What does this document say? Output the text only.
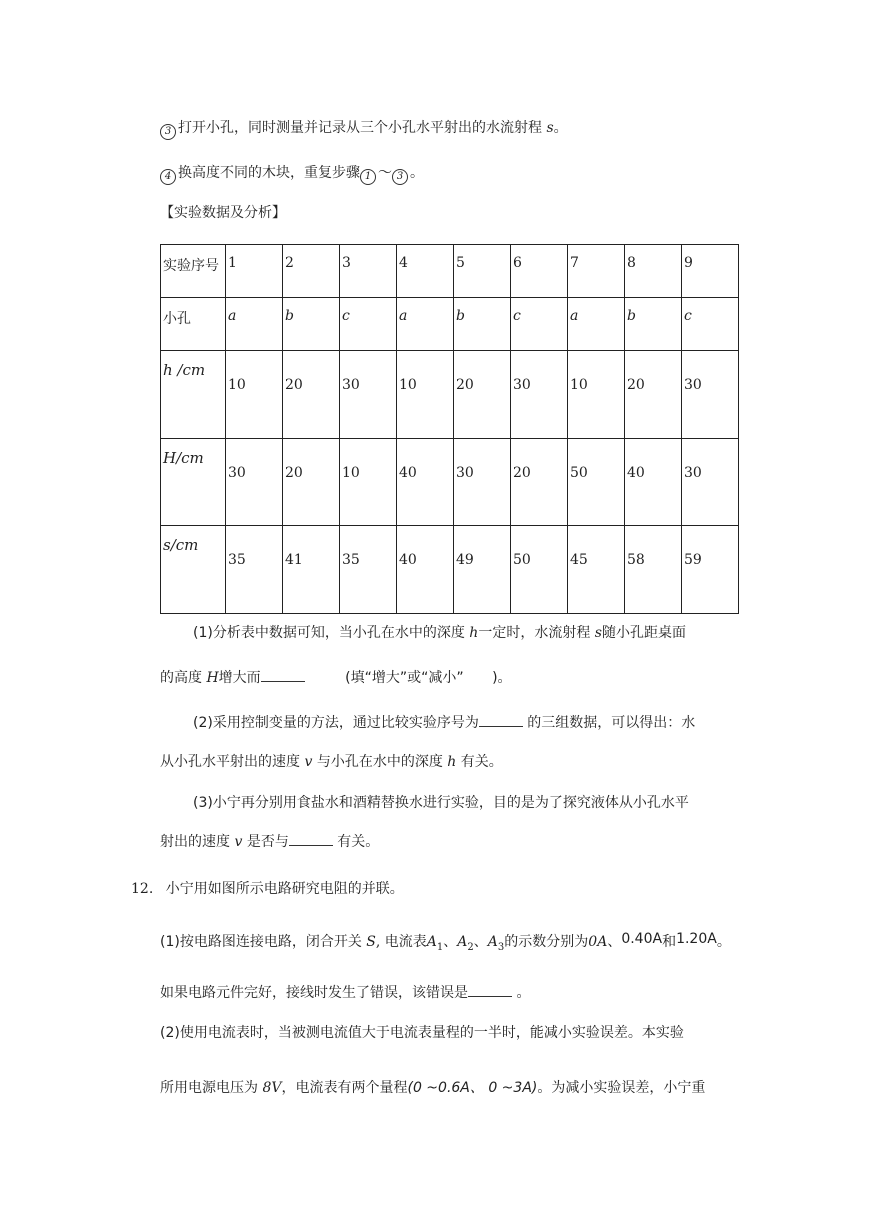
3 打开小孔，同时测量并记录从三个小孔水平射出的水流射程 s。
4 换高度不同的木块，重复步骤 1 ～ 3 。
【实验数据及分析】
实验序号	1	2	3	4	5	6	7	8	9
小孔	a	b	c	a	b	c	a	b	c
h /cm	10	20	30	10	20	30	10	20	30
H/cm	30	20	10	40	30	20	50	40	30
s/cm	35	41	35	40	49	50	45	58	59
(1)分析表中数据可知，当小孔在水中的深度 h一定时，水流射程 s随小孔距桌面
的高度 H增大而	(填“增大”或“减小” )。
(2)采用控制变量的方法，通过比较实验序号为	的三组数据，可以得出：水
从小孔水平射出的速度 v 与小孔在水中的深度 h 有关。
(3)小宁再分别用食盐水和酒精替换水进行实验，目的是为了探究液体从小孔水平
射出的速度 v 是否与	有关。
12. 小宁用如图所示电路研究电阻的并联。
(1)按电路图连接电路，闭合开关 S, 电流表$A_1$、$A_2$、$A_3$的示数分别为0A、0.40A和1.20A。
如果电路元件完好，接线时发生了错误，该错误是	。
(2)使用电流表时，当被测电流值大于电流表量程的一半时，能减小实验误差。本实验
所用电源电压为 8V，电流表有两个量程(0 ~0.6A、 0 ~3A)。为减小实验误差，小宁重
